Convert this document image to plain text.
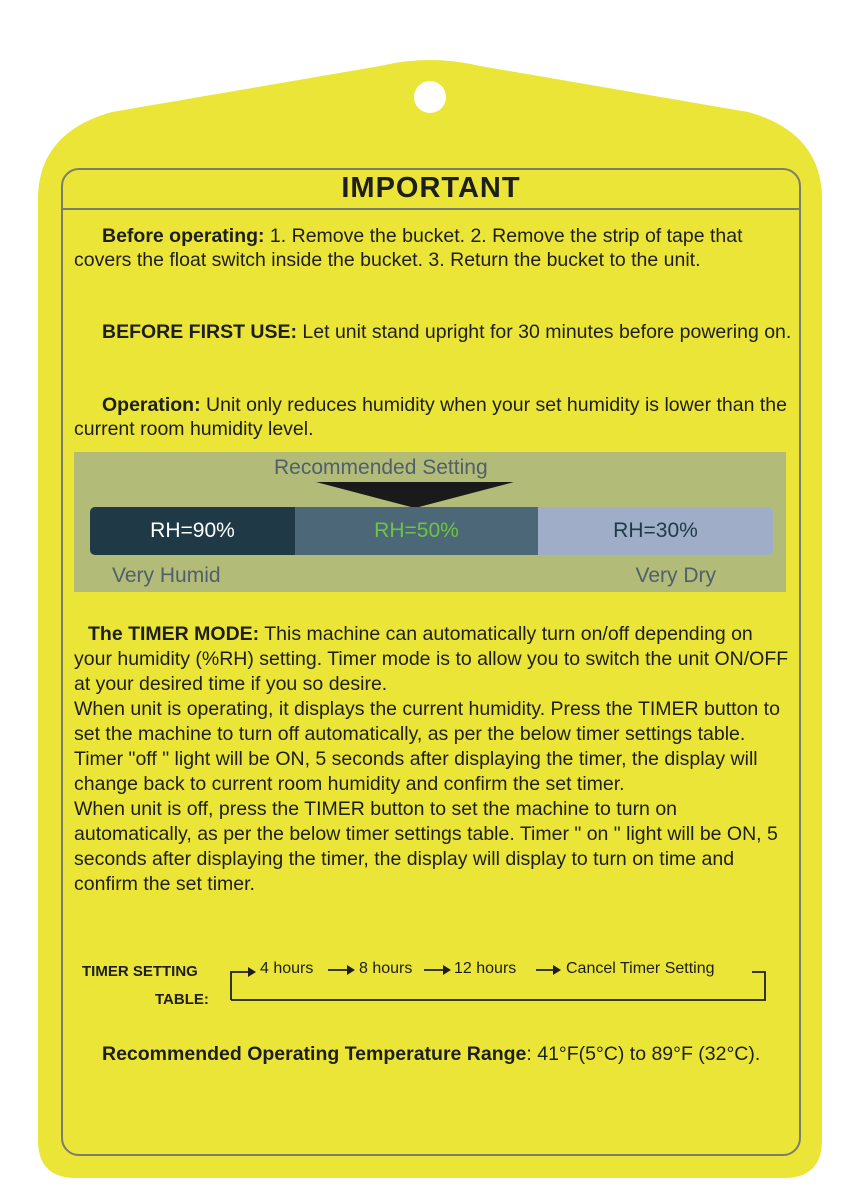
IMPORTANT

Before operating: 1. Remove the bucket. 2. Remove the strip of tape that covers the float switch inside the bucket. 3. Return the bucket to the unit.

BEFORE FIRST USE: Let unit stand upright for 30 minutes before powering on.

Operation: Unit only reduces humidity when your set humidity is lower than the current room humidity level.

Recommended Setting
RH=90%	RH=50%	RH=30%
Very Humid	Very Dry

The TIMER MODE: This machine can automatically turn on/off depending on your humidity (%RH) setting. Timer mode is to allow you to switch the unit ON/OFF at your desired time if you so desire.
When unit is operating, it displays the current humidity. Press the TIMER button to set the machine to turn off automatically, as per the below timer settings table. Timer "off " light will be ON, 5 seconds after displaying the timer, the display will change back to current room humidity and confirm the set timer.
When unit is off, press the TIMER button to set the machine to turn on automatically, as per the below timer settings table. Timer " on " light will be ON, 5 seconds after displaying the timer, the display will display to turn on time and confirm the set timer.

TIMER SETTING
TABLE:
4 hours	8 hours	12 hours	Cancel Timer Setting

Recommended Operating Temperature Range: 41°F(5°C) to 89°F (32°C).
